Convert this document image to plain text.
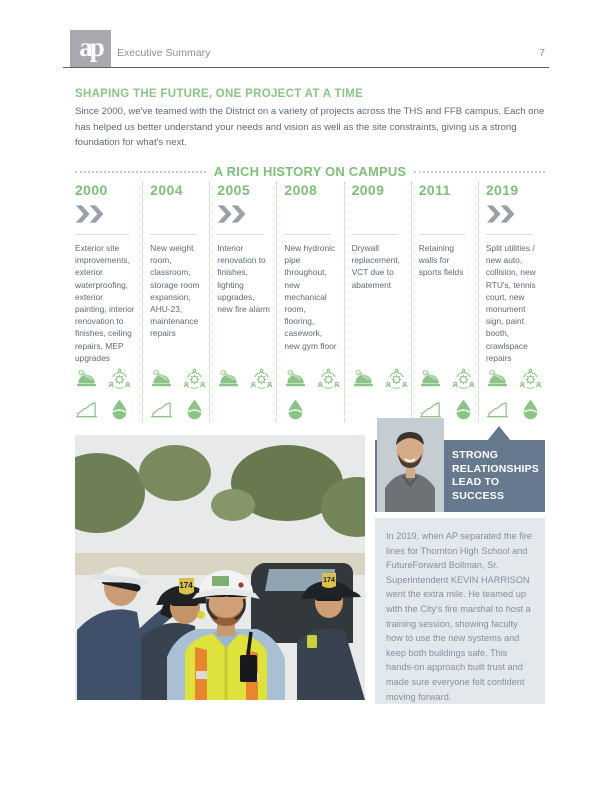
ap	Executive Summary	7
SHAPING THE FUTURE, ONE PROJECT AT A TIME
Since 2000, we've teamed with the District on a variety of projects across the THS and FFB campus. Each one has helped us better understand your needs and vision as well as the site constraints, giving us a strong foundation for what's next.
A RICH HISTORY ON CAMPUS
2000
Exterior site improvements, exterior waterproofing, exterior painting, interior renovation to finishes, ceiling repairs, MEP upgrades
2004
New weight room, classroom, storage room expansion, AHU-23, maintenance repairs
2005
Interior renovation to finishes, lighting upgrades, new fire alarm
2008
New hydronic pipe throughout, new mechanical room, flooring, casework, new gym floor
2009
Drywall replacement, VCT due to abatement
2011
Retaining walls for sports fields
2019
Split utilities / new auto, collision, new RTU's, tennis court, new monument sign, paint booth, crawlspace repairs
174
174
STRONG RELATIONSHIPS LEAD TO SUCCESS
In 2019, when AP separated the fire lines for Thornton High School and FutureForward Bollman, Sr. Superintendent KEVIN HARRISON went the extra mile. He teamed up with the City's fire marshal to host a training session, showing faculty how to use the new systems and keep both buildings safe. This hands-on approach built trust and made sure everyone felt confident moving forward.
